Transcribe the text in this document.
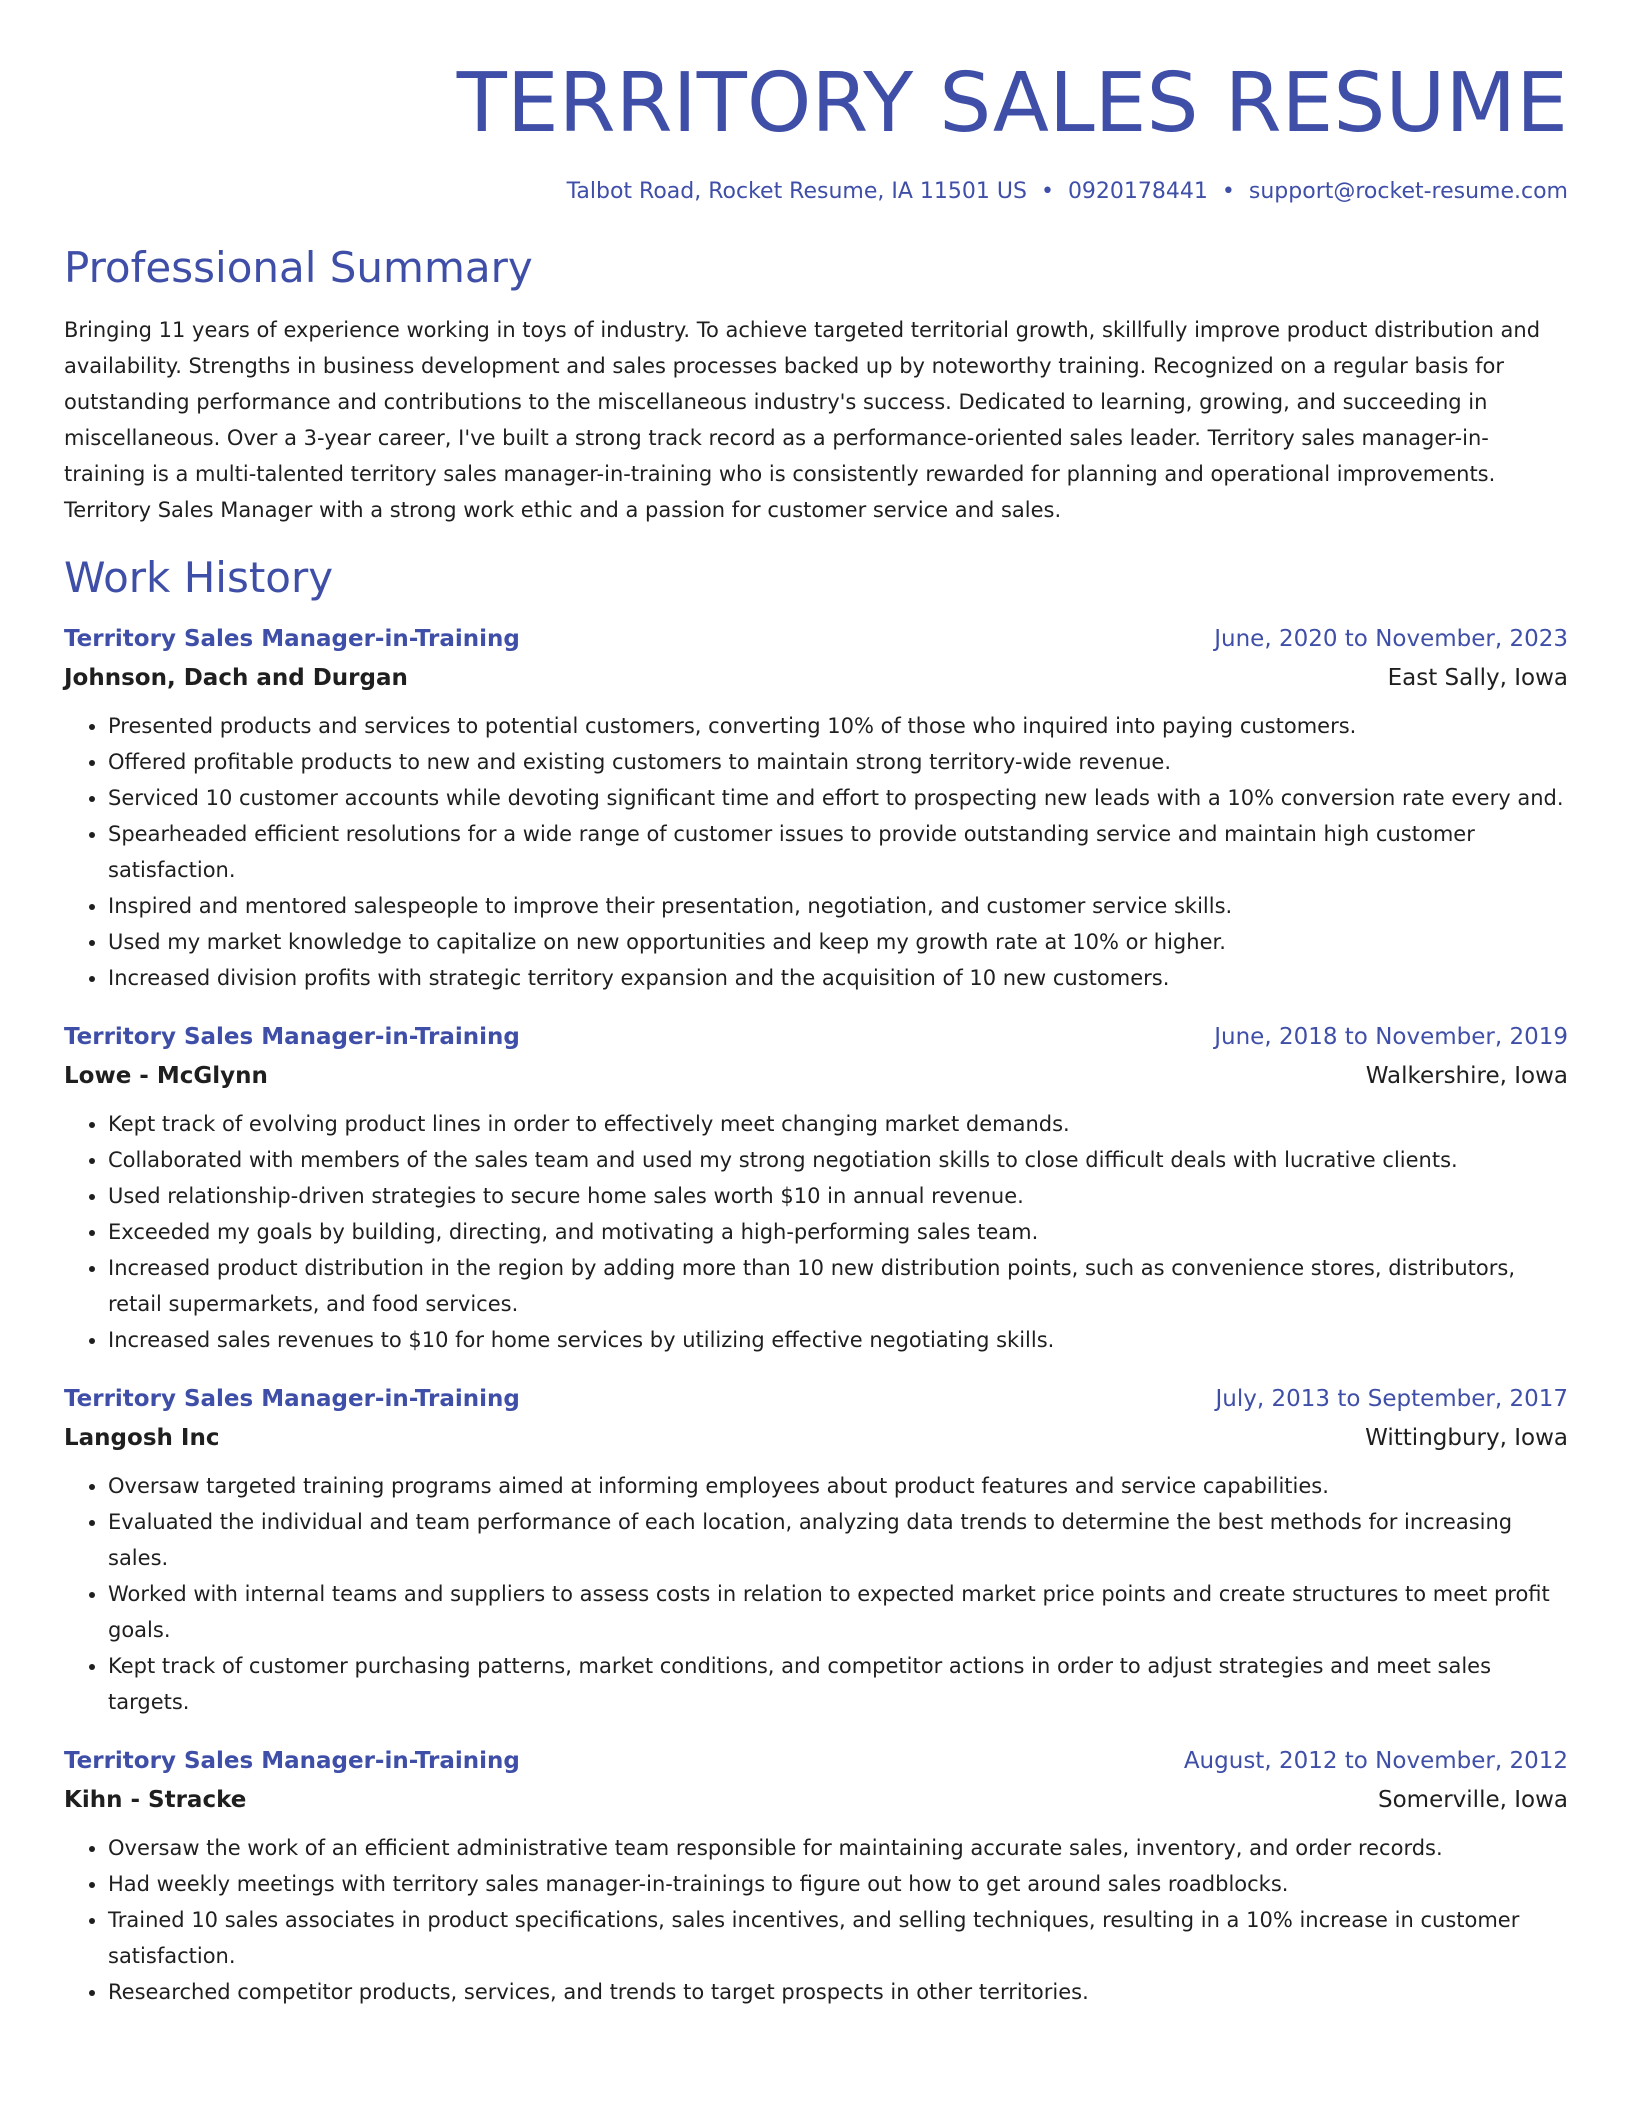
TERRITORY SALES RESUME
Talbot Road, Rocket Resume, IA 11501 US • 0920178441 • support@rocket-resume.com
Professional Summary

Bringing 11 years of experience working in toys of industry. To achieve targeted territorial growth, skillfully improve product distribution and availability. Strengths in business development and sales processes backed up by noteworthy training. Recognized on a regular basis for outstanding performance and contributions to the miscellaneous industry's success. Dedicated to learning, growing, and succeeding in miscellaneous. Over a 3-year career, I've built a strong track record as a performance-oriented sales leader. Territory sales manager-in-training is a multi-talented territory sales manager-in-training who is consistently rewarded for planning and operational improvements. Territory Sales Manager with a strong work ethic and a passion for customer service and sales.

Work History
Territory Sales Manager-in-Training	June, 2020 to November, 2023
Johnson, Dach and Durgan	East Sally, Iowa
• Presented products and services to potential customers, converting 10% of those who inquired into paying customers.
• Offered profitable products to new and existing customers to maintain strong territory-wide revenue.
• Serviced 10 customer accounts while devoting significant time and effort to prospecting new leads with a 10% conversion rate every and.
• Spearheaded efficient resolutions for a wide range of customer issues to provide outstanding service and maintain high customer satisfaction.
• Inspired and mentored salespeople to improve their presentation, negotiation, and customer service skills.
• Used my market knowledge to capitalize on new opportunities and keep my growth rate at 10% or higher.
• Increased division profits with strategic territory expansion and the acquisition of 10 new customers.
Territory Sales Manager-in-Training	June, 2018 to November, 2019
Lowe - McGlynn	Walkershire, Iowa
• Kept track of evolving product lines in order to effectively meet changing market demands.
• Collaborated with members of the sales team and used my strong negotiation skills to close difficult deals with lucrative clients.
• Used relationship-driven strategies to secure home sales worth $10 in annual revenue.
• Exceeded my goals by building, directing, and motivating a high-performing sales team.
• Increased product distribution in the region by adding more than 10 new distribution points, such as convenience stores, distributors, retail supermarkets, and food services.
• Increased sales revenues to $10 for home services by utilizing effective negotiating skills.
Territory Sales Manager-in-Training	July, 2013 to September, 2017
Langosh Inc	Wittingbury, Iowa
• Oversaw targeted training programs aimed at informing employees about product features and service capabilities.
• Evaluated the individual and team performance of each location, analyzing data trends to determine the best methods for increasing sales.
• Worked with internal teams and suppliers to assess costs in relation to expected market price points and create structures to meet profit goals.
• Kept track of customer purchasing patterns, market conditions, and competitor actions in order to adjust strategies and meet sales targets.
Territory Sales Manager-in-Training	August, 2012 to November, 2012
Kihn - Stracke	Somerville, Iowa
• Oversaw the work of an efficient administrative team responsible for maintaining accurate sales, inventory, and order records.
• Had weekly meetings with territory sales manager-in-trainings to figure out how to get around sales roadblocks.
• Trained 10 sales associates in product specifications, sales incentives, and selling techniques, resulting in a 10% increase in customer satisfaction.
• Researched competitor products, services, and trends to target prospects in other territories.
